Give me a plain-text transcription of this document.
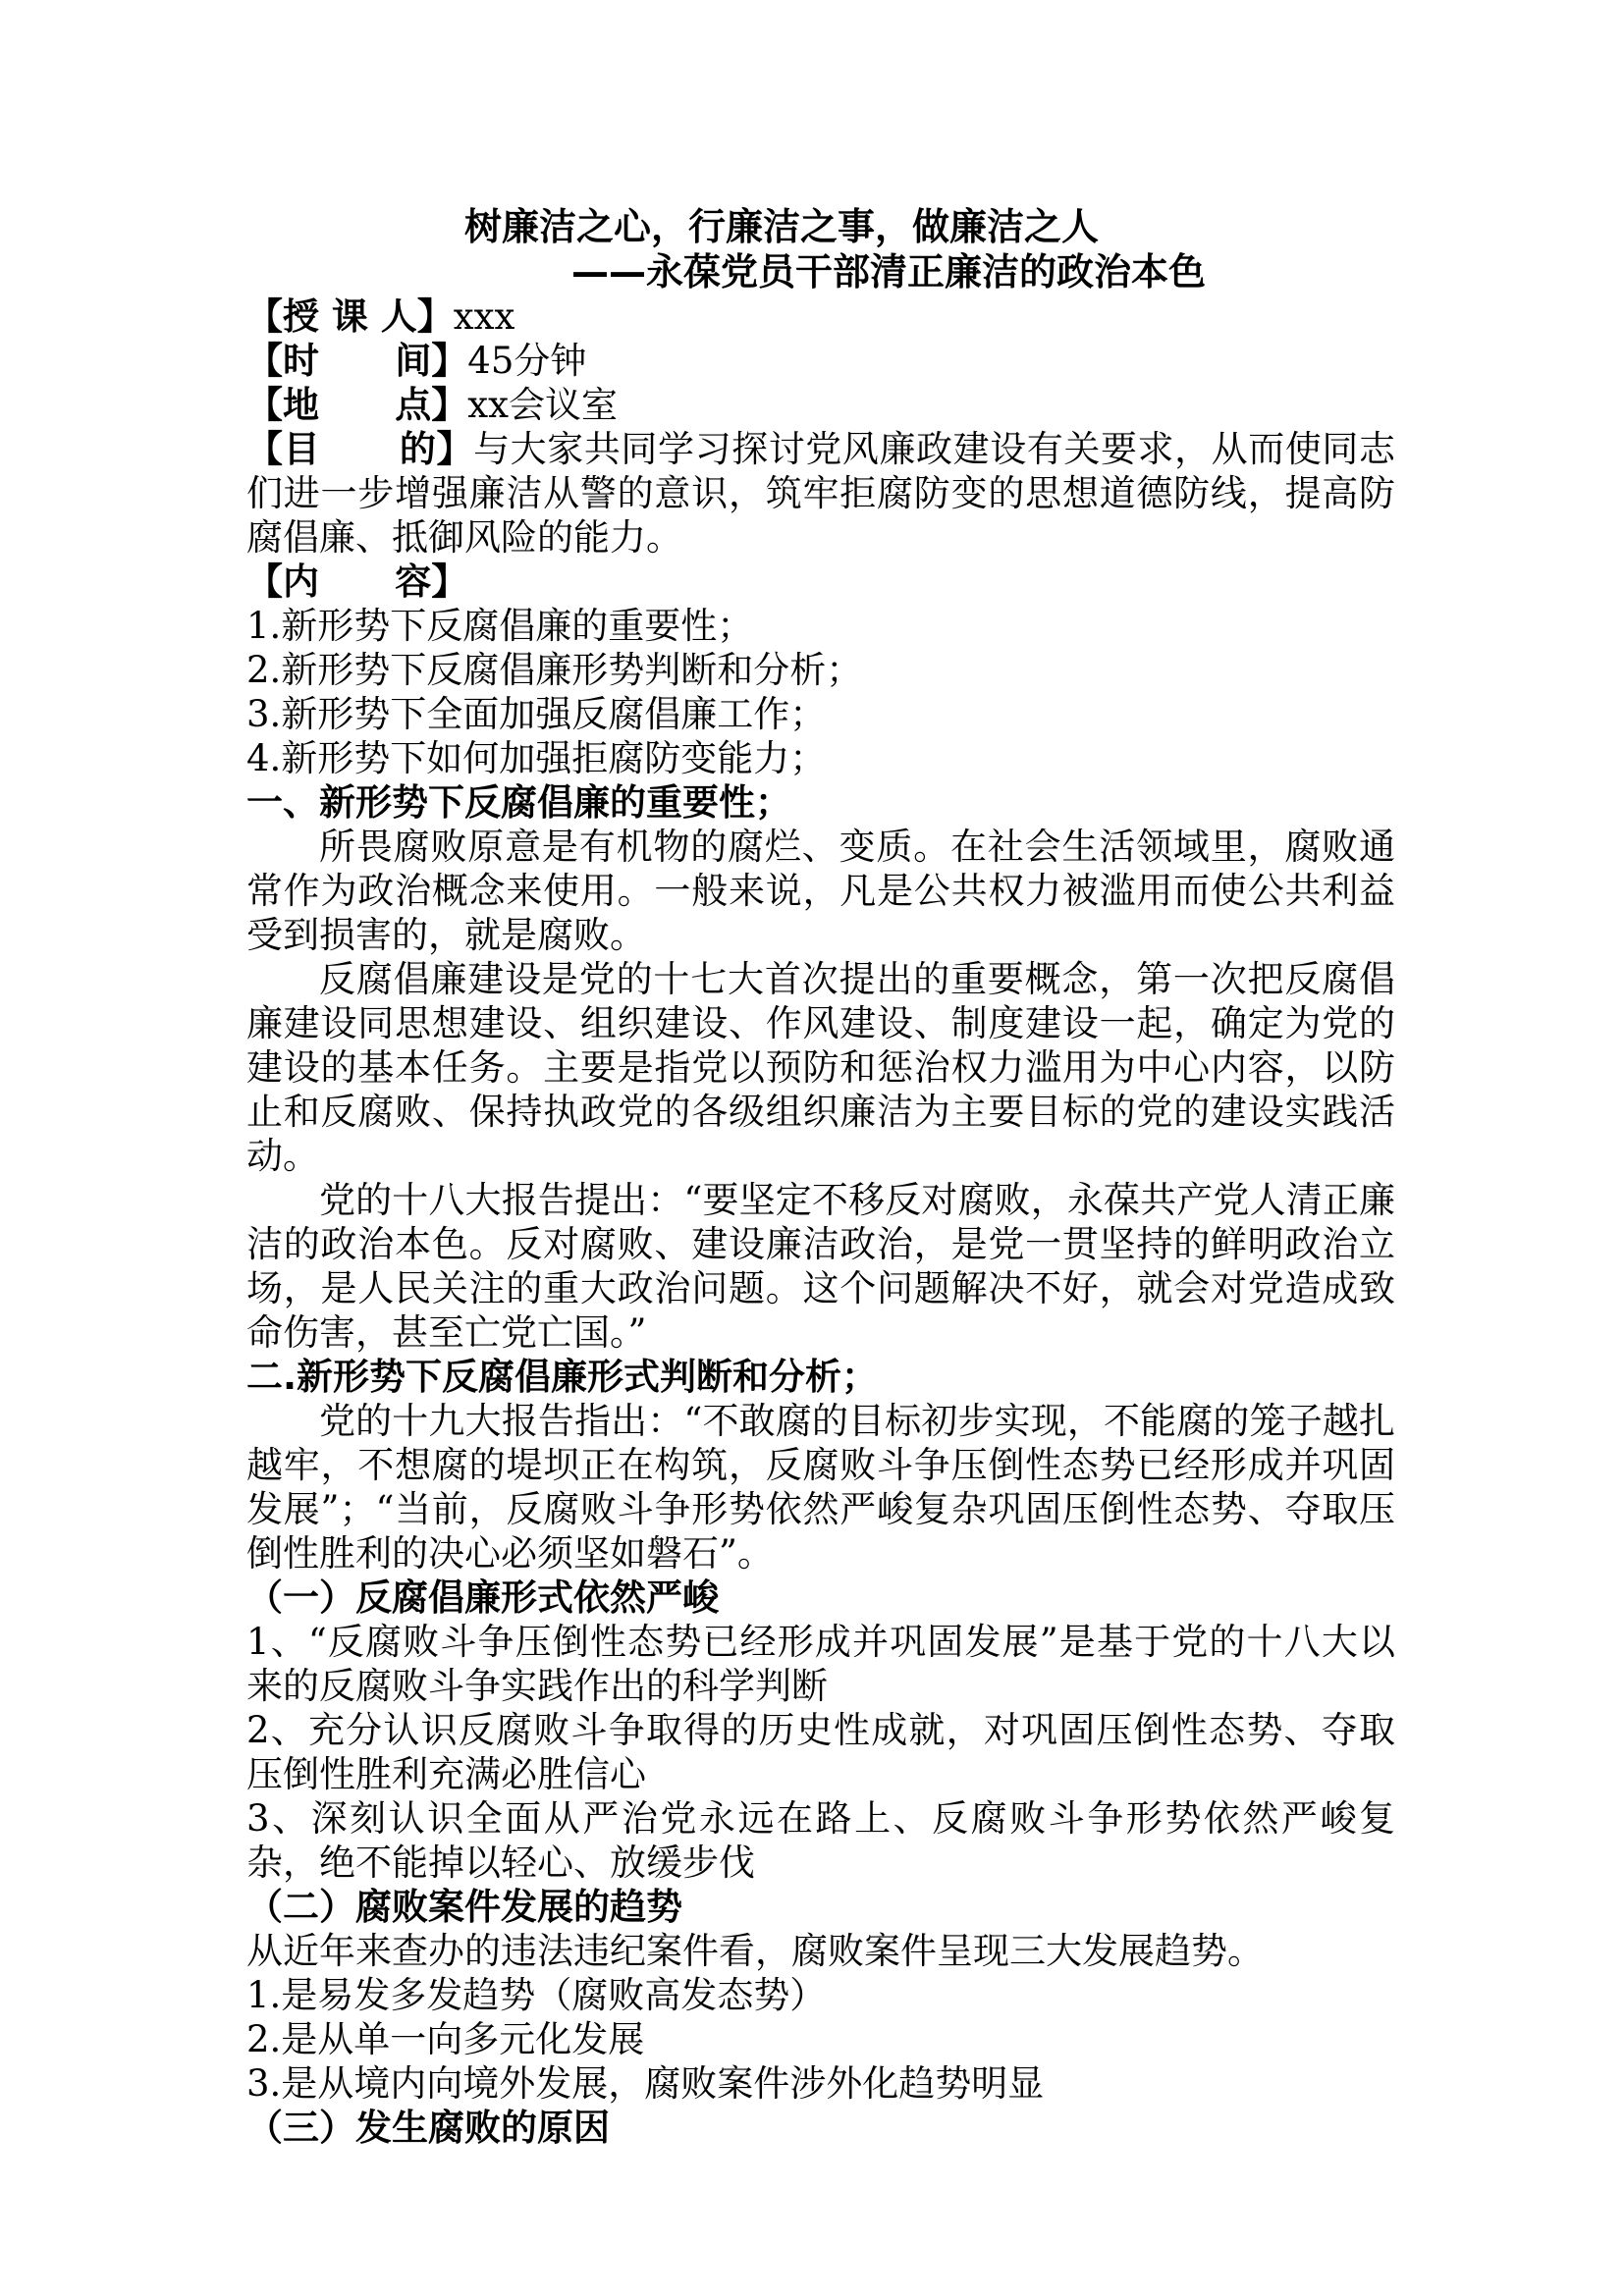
树廉洁之心，行廉洁之事，做廉洁之人

——永葆党员干部清正廉洁的政治本色

【授 课 人】xxx

【时      间】45分钟

【地      点】xx会议室

【目      的】与大家共同学习探讨党风廉政建设有关要求，从而使同志们进一步增强廉洁从警的意识，筑牢拒腐防变的思想道德防线，提高防腐倡廉、抵御风险的能力。

【内      容】

1.新形势下反腐倡廉的重要性；

2.新形势下反腐倡廉形势判断和分析；

3.新形势下全面加强反腐倡廉工作；

4.新形势下如何加强拒腐防变能力；

一、新形势下反腐倡廉的重要性；

所畏腐败原意是有机物的腐烂、变质。在社会生活领域里，腐败通常作为政治概念来使用。一般来说，凡是公共权力被滥用而使公共利益受到损害的，就是腐败。

反腐倡廉建设是党的十七大首次提出的重要概念，第一次把反腐倡廉建设同思想建设、组织建设、作风建设、制度建设一起，确定为党的建设的基本任务。主要是指党以预防和惩治权力滥用为中心内容，以防止和反腐败、保持执政党的各级组织廉洁为主要目标的党的建设实践活动。

党的十八大报告提出：“要坚定不移反对腐败，永葆共产党人清正廉洁的政治本色。反对腐败、建设廉洁政治，是党一贯坚持的鲜明政治立场，是人民关注的重大政治问题。这个问题解决不好，就会对党造成致命伤害，甚至亡党亡国。”

二.新形势下反腐倡廉形式判断和分析；

党的十九大报告指出：“不敢腐的目标初步实现，不能腐的笼子越扎越牢，不想腐的堤坝正在构筑，反腐败斗争压倒性态势已经形成并巩固发展”；“当前，反腐败斗争形势依然严峻复杂巩固压倒性态势、夺取压倒性胜利的决心必须坚如磐石”。

（一）反腐倡廉形式依然严峻

1、“反腐败斗争压倒性态势已经形成并巩固发展”是基于党的十八大以来的反腐败斗争实践作出的科学判断

2、充分认识反腐败斗争取得的历史性成就，对巩固压倒性态势、夺取压倒性胜利充满必胜信心

3、深刻认识全面从严治党永远在路上、反腐败斗争形势依然严峻复杂，绝不能掉以轻心、放缓步伐

（二）腐败案件发展的趋势

从近年来查办的违法违纪案件看，腐败案件呈现三大发展趋势。

1.是易发多发趋势（腐败高发态势）

2.是从单一向多元化发展

3.是从境内向境外发展，腐败案件涉外化趋势明显

（三）发生腐败的原因
